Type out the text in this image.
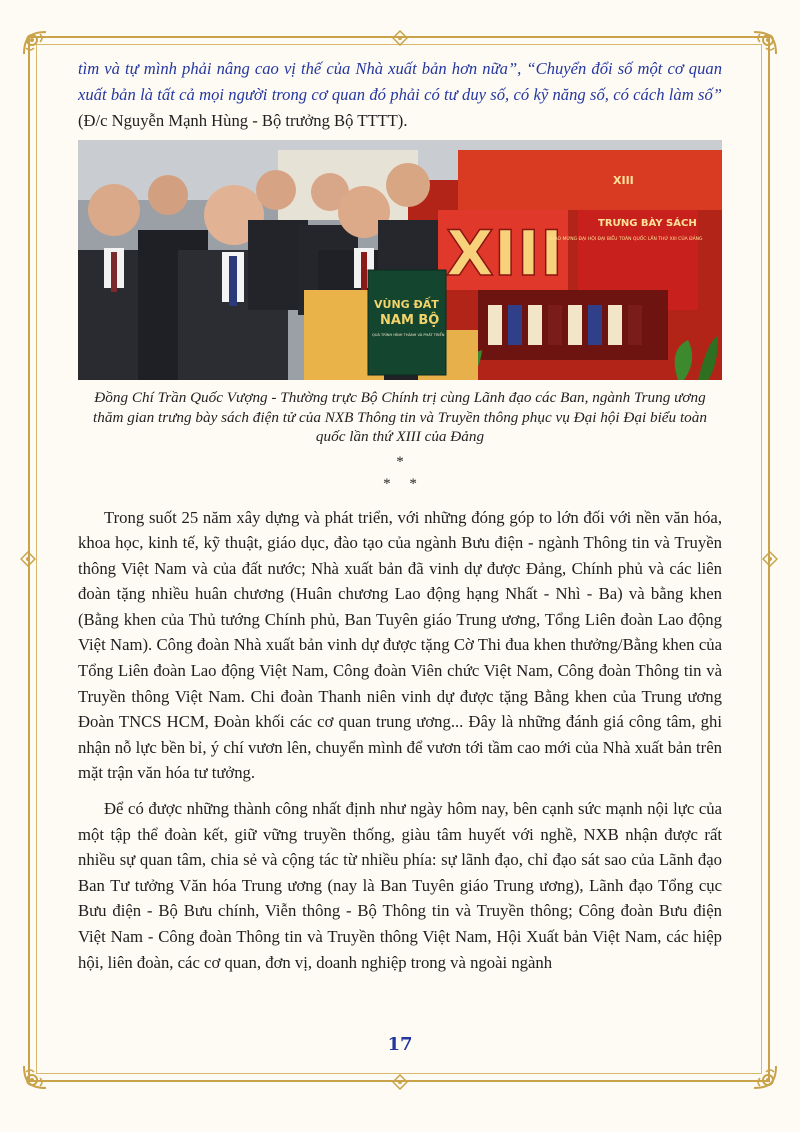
tìm và tự mình phải nâng cao vị thế của Nhà xuất bản hơn nữa”, “Chuyển đổi số một cơ quan xuất bản là tất cả mọi người trong cơ quan đó phải có tư duy số, có kỹ năng số, có cách làm số” (Đ/c Nguyễn Mạnh Hùng - Bộ trưởng Bộ TTTT).

XIII
XIII
TRƯNG BÀY SÁCH
CHÀO MỪNG ĐẠI HỘI ĐẠI BIỂU TOÀN QUỐC LẦN THỨ XIII CỦA ĐẢNG
VÙNG ĐẤT
NAM BỘ
QUÁ TRÌNH HÌNH THÀNH VÀ PHÁT TRIỂN

Đồng Chí Trần Quốc Vượng - Thường trực Bộ Chính trị cùng Lãnh đạo các Ban, ngành Trung ương thăm gian trưng bày sách điện tử của NXB Thông tin và Truyền thông phục vụ Đại hội Đại biểu toàn quốc lần thứ XIII của Đảng

*
*     *

Trong suốt 25 năm xây dựng và phát triển, với những đóng góp to lớn đối với nền văn hóa, khoa học, kinh tế, kỹ thuật, giáo dục, đào tạo của ngành Bưu điện - ngành Thông tin và Truyền thông Việt Nam và của đất nước; Nhà xuất bản đã vinh dự được Đảng, Chính phủ và các liên đoàn tặng nhiều huân chương (Huân chương Lao động hạng Nhất - Nhì - Ba) và bằng khen (Bằng khen của Thủ tướng Chính phủ, Ban Tuyên giáo Trung ương, Tổng Liên đoàn Lao động Việt Nam). Công đoàn Nhà xuất bản vinh dự được tặng Cờ Thi đua khen thưởng/Bằng khen của Tổng Liên đoàn Lao động Việt Nam, Công đoàn Viên chức Việt Nam, Công đoàn Thông tin và Truyền thông Việt Nam. Chi đoàn Thanh niên vinh dự được tặng Bằng khen của Trung ương Đoàn TNCS HCM, Đoàn khối các cơ quan trung ương... Đây là những đánh giá công tâm, ghi nhận nỗ lực bền bỉ, ý chí vươn lên, chuyển mình để vươn tới tầm cao mới của Nhà xuất bản trên mặt trận văn hóa tư tưởng.

Để có được những thành công nhất định như ngày hôm nay, bên cạnh sức mạnh nội lực của một tập thể đoàn kết, giữ vững truyền thống, giàu tâm huyết với nghề, NXB nhận được rất nhiều sự quan tâm, chia sẻ và cộng tác từ nhiều phía: sự lãnh đạo, chỉ đạo sát sao của Lãnh đạo Ban Tư tưởng Văn hóa Trung ương (nay là Ban Tuyên giáo Trung ương), Lãnh đạo Tổng cục Bưu điện - Bộ Bưu chính, Viễn thông - Bộ Thông tin và Truyền thông; Công đoàn Bưu điện Việt Nam - Công đoàn Thông tin và Truyền thông Việt Nam, Hội Xuất bản Việt Nam, các hiệp hội, liên đoàn, các cơ quan, đơn vị, doanh nghiệp trong và ngoài ngành

17
